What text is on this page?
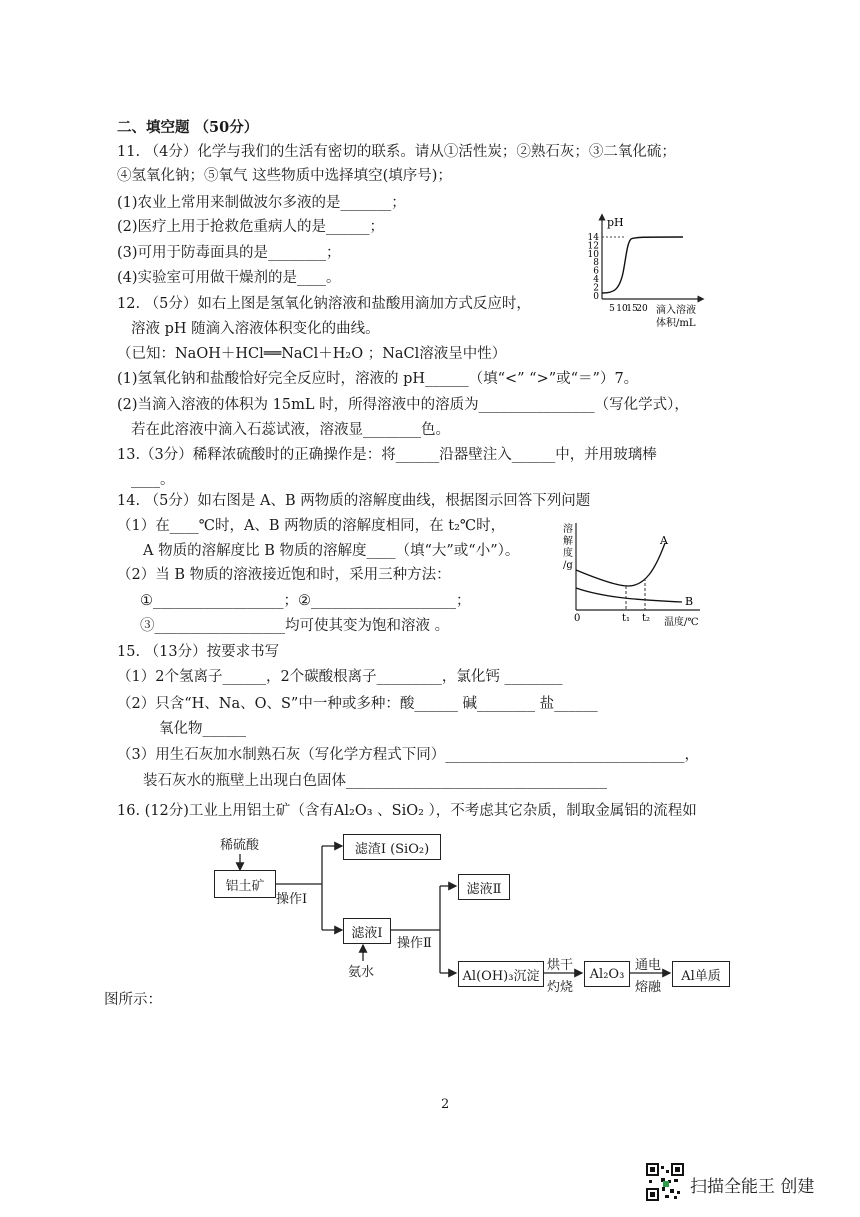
二、填空题 （50分）
11. （4分）化学与我们的生活有密切的联系。请从①活性炭；②熟石灰；③二氧化硫；
④氢氧化钠；⑤氧气 这些物质中选择填空(填序号)；
(1)农业上常用来制做波尔多液的是_______；
(2)医疗上用于抢救危重病人的是______；
(3)可用于防毒面具的是________；
(4)实验室可用做干燥剂的是____。
pH
14
12
10
8
6
4
2
0
5 10
15
20 滴入溶液
体积/mL
12. （5分）如右上图是氢氧化钠溶液和盐酸用滴加方式反应时，
溶液 pH 随滴入溶液体积变化的曲线。
（已知：NaOH＋HCl══NaCl＋H₂O ；NaCl溶液呈中性）
(1)氢氧化钠和盐酸恰好完全反应时，溶液的 pH______（填“<” “>”或“＝”）7。
(2)当滴入溶液的体积为 15mL 时，所得溶液中的溶质为________________（写化学式），
若在此溶液中滴入石蕊试液，溶液显________色。
13.（3分）稀释浓硫酸时的正确操作是：将______沿器壁注入______中，并用玻璃棒
____。
14. （5分）如右图是 A、B 两物质的溶解度曲线，根据图示回答下列问题
（1）在____℃时，A、B 两物质的溶解度相同，在 t₂℃时，
A 物质的溶解度比 B 物质的溶解度____（填“大”或“小”）。
（2）当 B 物质的溶液接近饱和时，采用三种方法：
①__________________；②____________________；
③__________________均可使其变为饱和溶液 。
溶
解
度
/g
A
B
0	t₁ t₂ 温度/℃
15. （13分）按要求书写
（1）2个氢离子______，2个碳酸根离子_________，氯化钙 ________
（2）只含“H、Na、O、S”中一种或多种：酸______ 碱________ 盐______
氧化物______
（3）用生石灰加水制熟石灰（写化学方程式下同）_________________________________，
装石灰水的瓶壁上出现白色固体____________________________________
16. (12分)工业上用铝土矿（含有Al₂O₃ 、SiO₂ ），不考虑其它杂质，制取金属铝的流程如
稀硫酸
铝土矿
操作Ⅰ
滤渣Ⅰ (SiO₂)
滤液Ⅰ
氨水
操作Ⅱ
滤液Ⅱ
Al(OH)₃沉淀
烘干
灼烧
Al₂O₃
通电
熔融
Al单质
图所示：
2
扫描全能王 创建
